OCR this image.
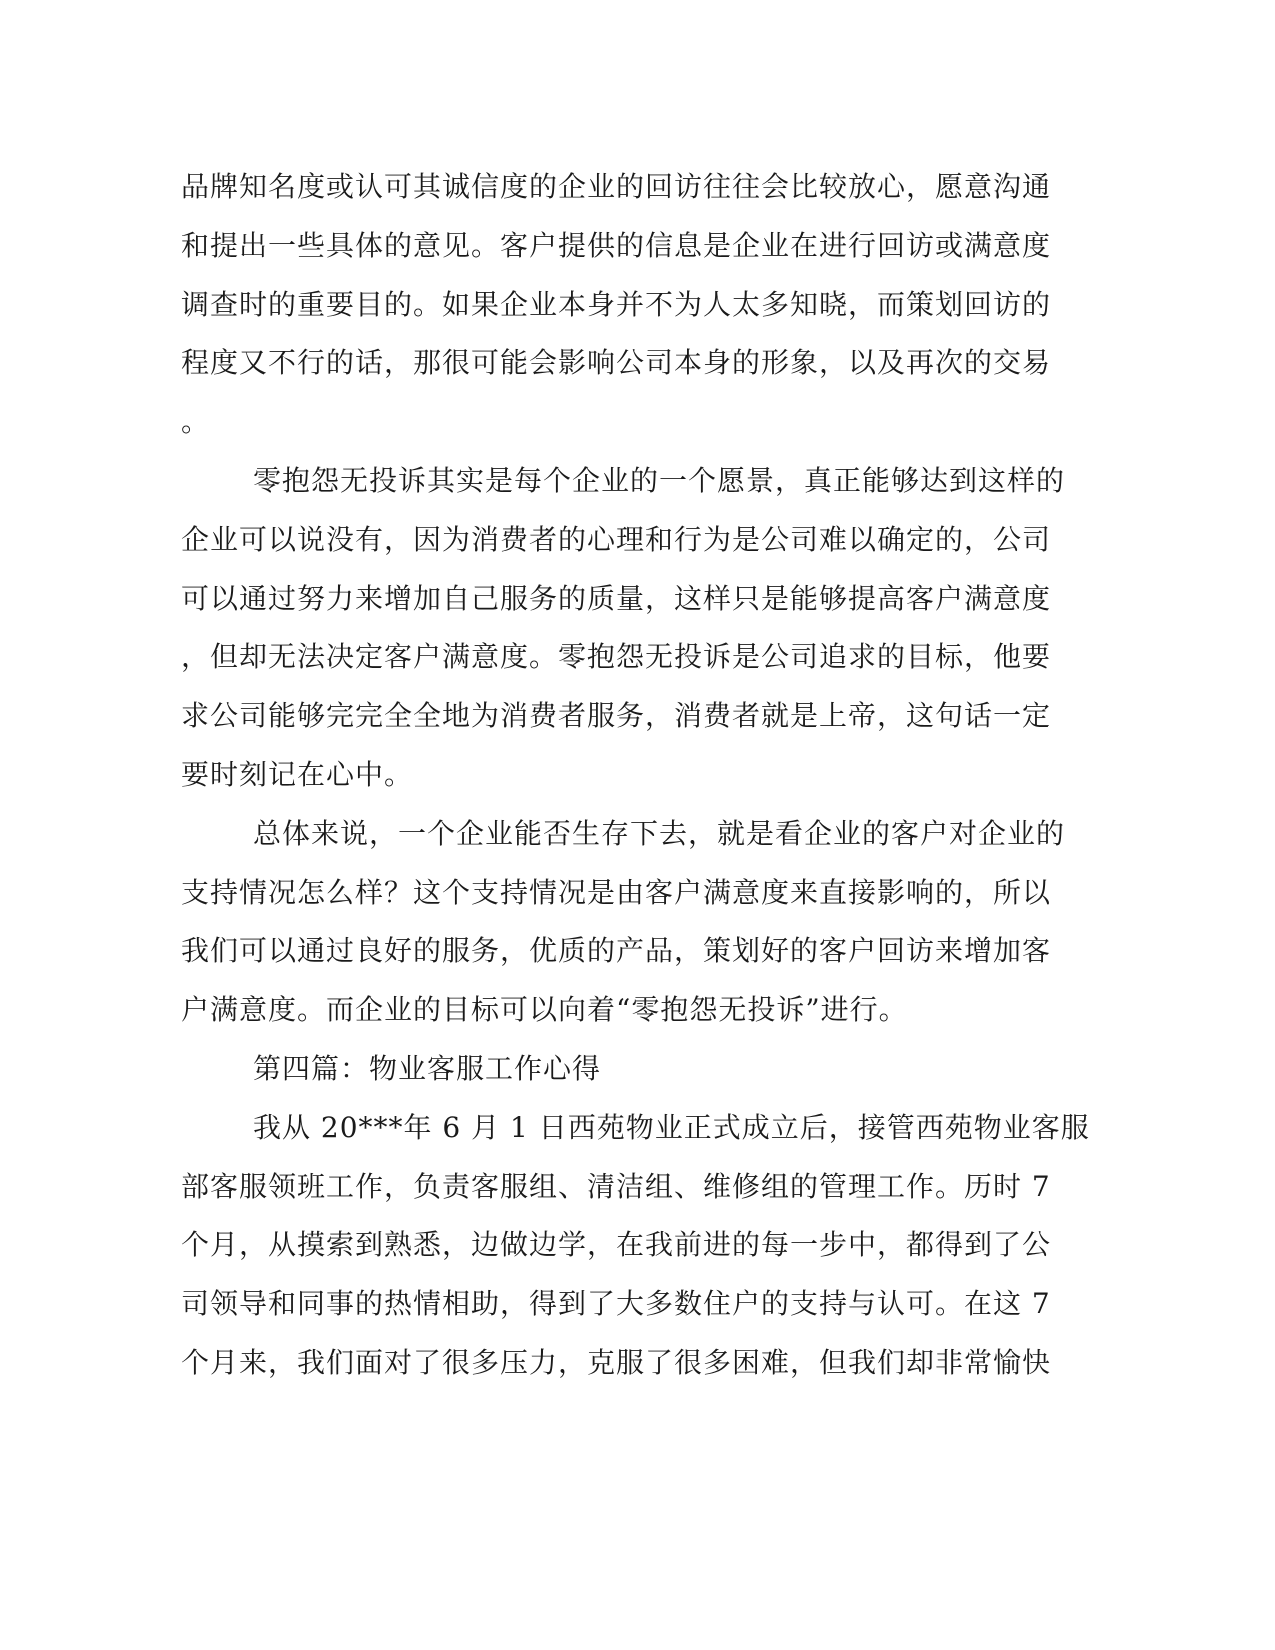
品牌知名度或认可其诚信度的企业的回访往往会比较放心，愿意沟通
和提出一些具体的意见。客户提供的信息是企业在进行回访或满意度
调查时的重要目的。如果企业本身并不为人太多知晓，而策划回访的
程度又不行的话，那很可能会影响公司本身的形象，以及再次的交易
。
零抱怨无投诉其实是每个企业的一个愿景，真正能够达到这样的
企业可以说没有，因为消费者的心理和行为是公司难以确定的，公司
可以通过努力来增加自己服务的质量，这样只是能够提高客户满意度
，但却无法决定客户满意度。零抱怨无投诉是公司追求的目标，他要
求公司能够完完全全地为消费者服务，消费者就是上帝，这句话一定
要时刻记在心中。
总体来说，一个企业能否生存下去，就是看企业的客户对企业的
支持情况怎么样？这个支持情况是由客户满意度来直接影响的，所以
我们可以通过良好的服务，优质的产品，策划好的客户回访来增加客
户满意度。而企业的目标可以向着“零抱怨无投诉”进行。
第四篇：物业客服工作心得
我从 20***年 6 月 1 日西苑物业正式成立后，接管西苑物业客服
部客服领班工作，负责客服组、清洁组、维修组的管理工作。历时 7
个月，从摸索到熟悉，边做边学，在我前进的每一步中，都得到了公
司领导和同事的热情相助，得到了大多数住户的支持与认可。在这 7
个月来，我们面对了很多压力，克服了很多困难，但我们却非常愉快
